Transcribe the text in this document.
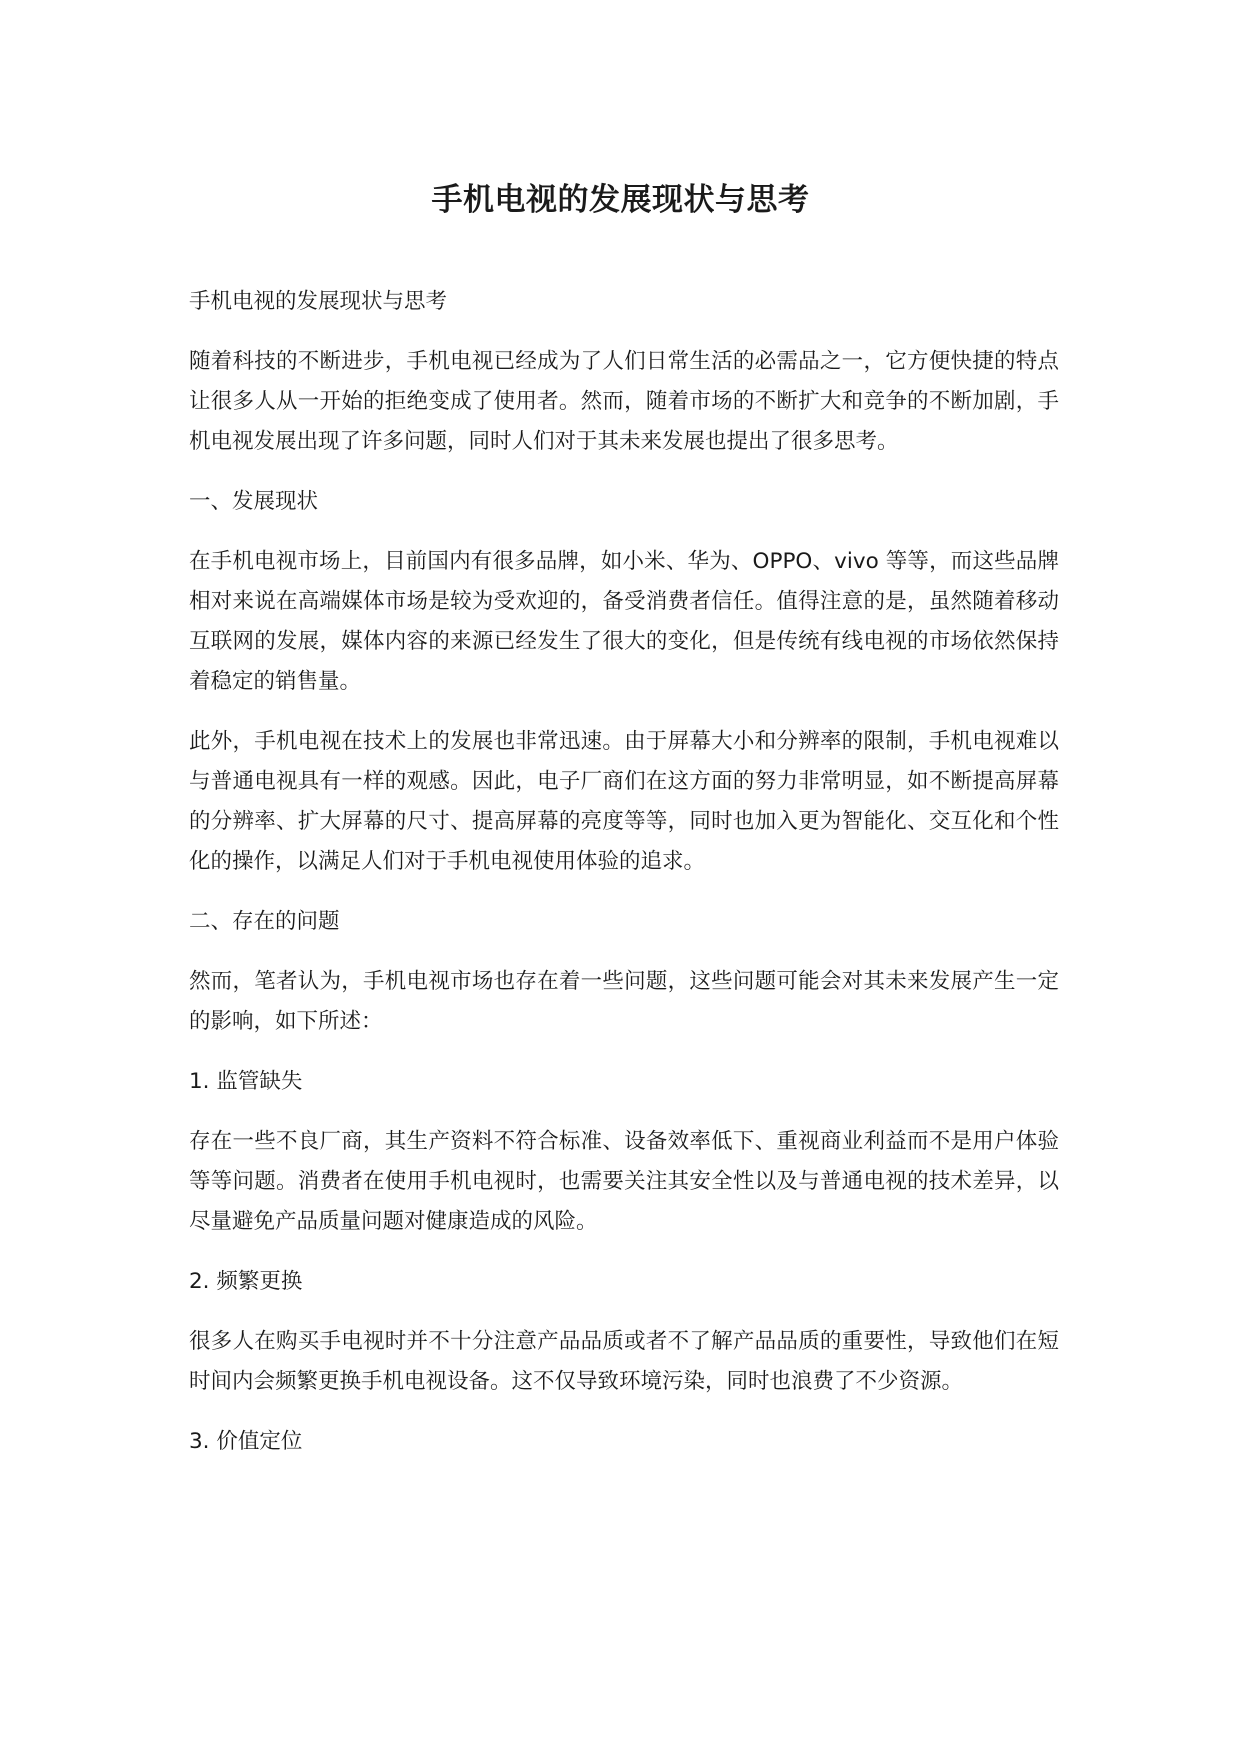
手机电视的发展现状与思考

手机电视的发展现状与思考

随着科技的不断进步，手机电视已经成为了人们日常生活的必需品之一，它方便快捷的特点让很多人从一开始的拒绝变成了使用者。然而，随着市场的不断扩大和竞争的不断加剧，手机电视发展出现了许多问题，同时人们对于其未来发展也提出了很多思考。

一、发展现状

在手机电视市场上，目前国内有很多品牌，如小米、华为、OPPO、vivo 等等，而这些品牌相对来说在高端媒体市场是较为受欢迎的，备受消费者信任。值得注意的是，虽然随着移动互联网的发展，媒体内容的来源已经发生了很大的变化，但是传统有线电视的市场依然保持着稳定的销售量。

此外，手机电视在技术上的发展也非常迅速。由于屏幕大小和分辨率的限制，手机电视难以与普通电视具有一样的观感。因此，电子厂商们在这方面的努力非常明显，如不断提高屏幕的分辨率、扩大屏幕的尺寸、提高屏幕的亮度等等，同时也加入更为智能化、交互化和个性化的操作，以满足人们对于手机电视使用体验的追求。

二、存在的问题

然而，笔者认为，手机电视市场也存在着一些问题，这些问题可能会对其未来发展产生一定的影响，如下所述：

1. 监管缺失

存在一些不良厂商，其生产资料不符合标准、设备效率低下、重视商业利益而不是用户体验等等问题。消费者在使用手机电视时，也需要关注其安全性以及与普通电视的技术差异，以尽量避免产品质量问题对健康造成的风险。

2. 频繁更换

很多人在购买手电视时并不十分注意产品品质或者不了解产品品质的重要性，导致他们在短时间内会频繁更换手机电视设备。这不仅导致环境污染，同时也浪费了不少资源。

3. 价值定位
